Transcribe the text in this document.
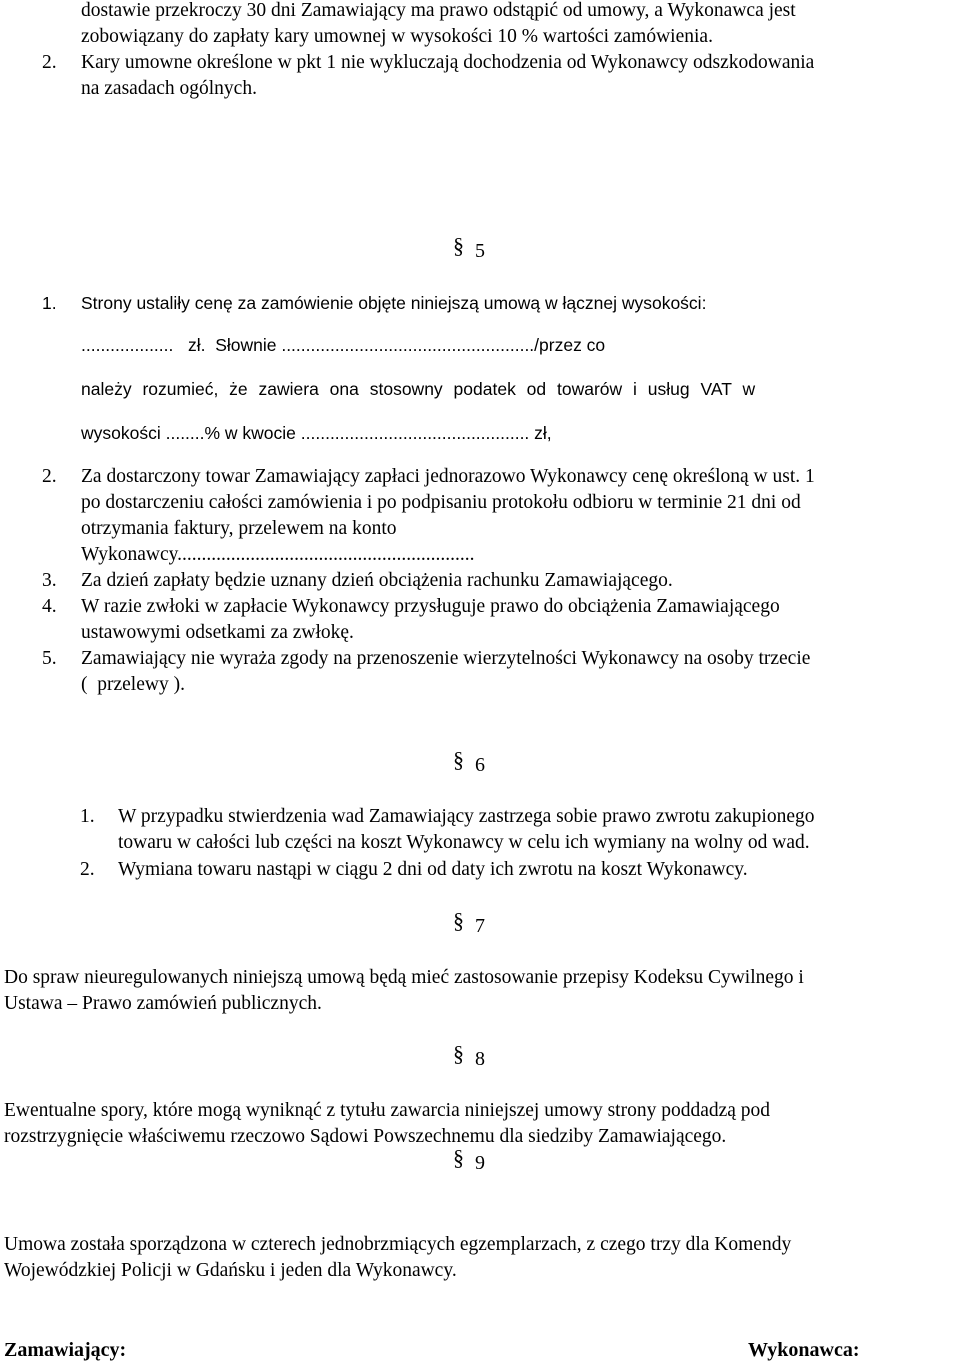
dostawie przekroczy 30 dni Zamawiający ma prawo odstąpić od umowy, a Wykonawca jest
zobowiązany do zapłaty kary umownej w wysokości 10 % wartości zamówienia.
2. Kary umowne określone w pkt 1 nie wykluczają dochodzenia od Wykonawcy odszkodowania
na zasadach ogólnych.
§ 5
1. Strony ustaliły cenę za zamówienie objęte niniejszą umową w łącznej wysokości:
...................   zł.  Słownie ..................................................../przez co
należy rozumieć, że zawiera ona stosowny podatek od towarów i usług VAT w
wysokości ........% w kwocie ............................................... zł,
2. Za dostarczony towar Zamawiający zapłaci jednorazowo Wykonawcy cenę określoną w ust. 1
po dostarczeniu całości zamówienia i po podpisaniu protokołu odbioru w terminie 21 dni od
otrzymania faktury, przelewem na konto
Wykonawcy.............................................................
3. Za dzień zapłaty będzie uznany dzień obciążenia rachunku Zamawiającego.
4. W razie zwłoki w zapłacie Wykonawcy przysługuje prawo do obciążenia Zamawiającego
ustawowymi odsetkami za zwłokę.
5. Zamawiający nie wyraża zgody na przenoszenie wierzytelności Wykonawcy na osoby trzecie
(  przelewy ).
§ 6
1. W przypadku stwierdzenia wad Zamawiający zastrzega sobie prawo zwrotu zakupionego
towaru w całości lub części na koszt Wykonawcy w celu ich wymiany na wolny od wad.
2. Wymiana towaru nastąpi w ciągu 2 dni od daty ich zwrotu na koszt Wykonawcy.
§ 7
Do spraw nieuregulowanych niniejszą umową będą mieć zastosowanie przepisy Kodeksu Cywilnego i
Ustawa – Prawo zamówień publicznych.
§ 8
Ewentualne spory, które mogą wyniknąć z tytułu zawarcia niniejszej umowy strony poddadzą pod
rozstrzygnięcie właściwemu rzeczowo Sądowi Powszechnemu dla siedziby Zamawiającego.
§ 9
Umowa została sporządzona w czterech jednobrzmiących egzemplarzach, z czego trzy dla Komendy
Wojewódzkiej Policji w Gdańsku i jeden dla Wykonawcy.
Zamawiający:	Wykonawca:
